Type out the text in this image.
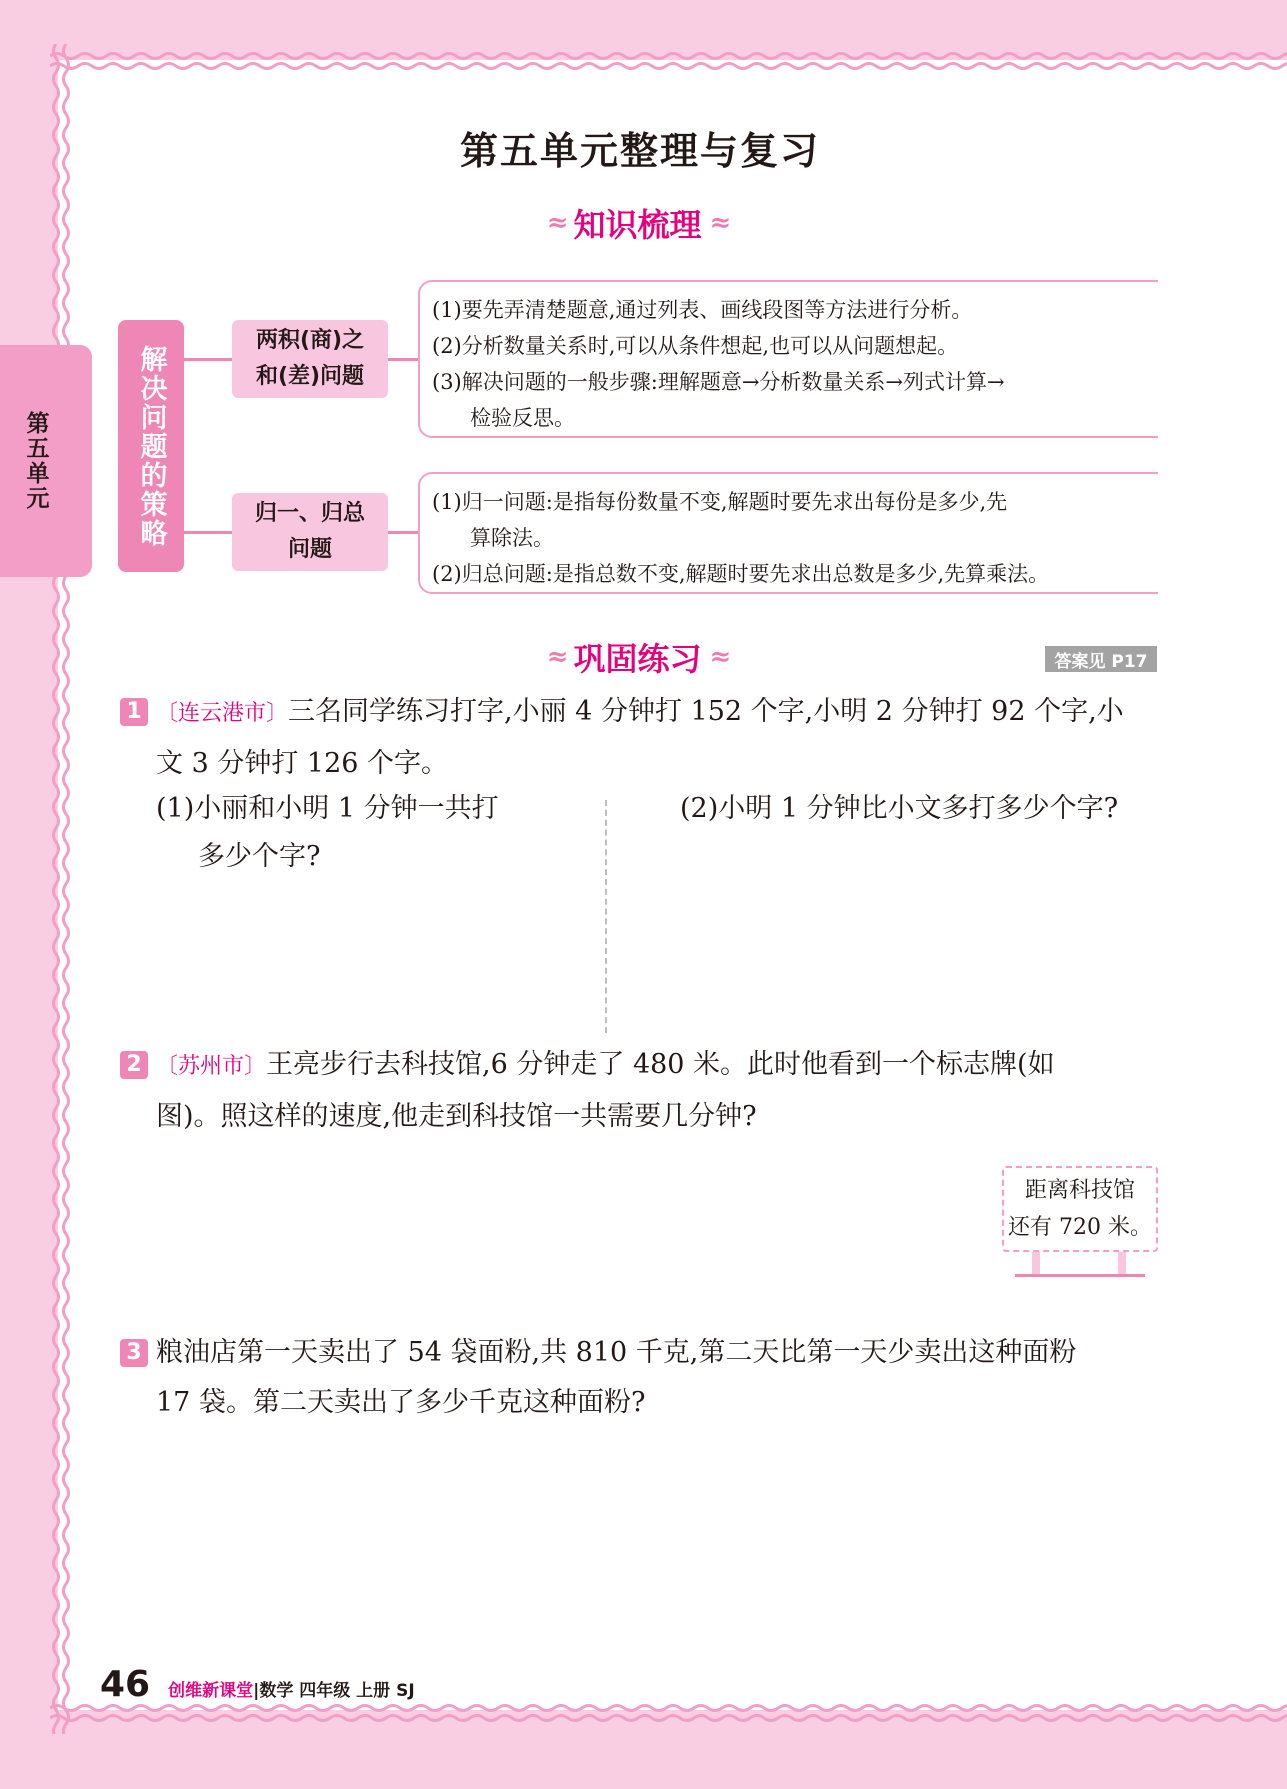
第五单元
第五单元整理与复习
≈ 知识梳理 ≈
解决问题的策略
两积(商)之
和(差)问题
归一、归总
问题
(1)要先弄清楚题意,通过列表、画线段图等方法进行分析。
(2)分析数量关系时,可以从条件想起,也可以从问题想起。
(3)解决问题的一般步骤:理解题意→分析数量关系→列式计算→
检验反思。
(1)归一问题:是指每份数量不变,解题时要先求出每份是多少,先
算除法。
(2)归总问题:是指总数不变,解题时要先求出总数是多少,先算乘法。
≈ 巩固练习 ≈	答案见 P17
1 〔连云港市〕三名同学练习打字,小丽 4 分钟打 152 个字,小明 2 分钟打 92 个字,小
文 3 分钟打 126 个字。
(1)小丽和小明 1 分钟一共打
多少个字?
(2)小明 1 分钟比小文多打多少个字?
2 〔苏州市〕王亮步行去科技馆,6 分钟走了 480 米。此时他看到一个标志牌(如
图)。照这样的速度,他走到科技馆一共需要几分钟?
距离科技馆
还有 720 米。
3 粮油店第一天卖出了 54 袋面粉,共 810 千克,第二天比第一天少卖出这种面粉
17 袋。第二天卖出了多少千克这种面粉?
46 创维新课堂|数学 四年级 上册 SJ
